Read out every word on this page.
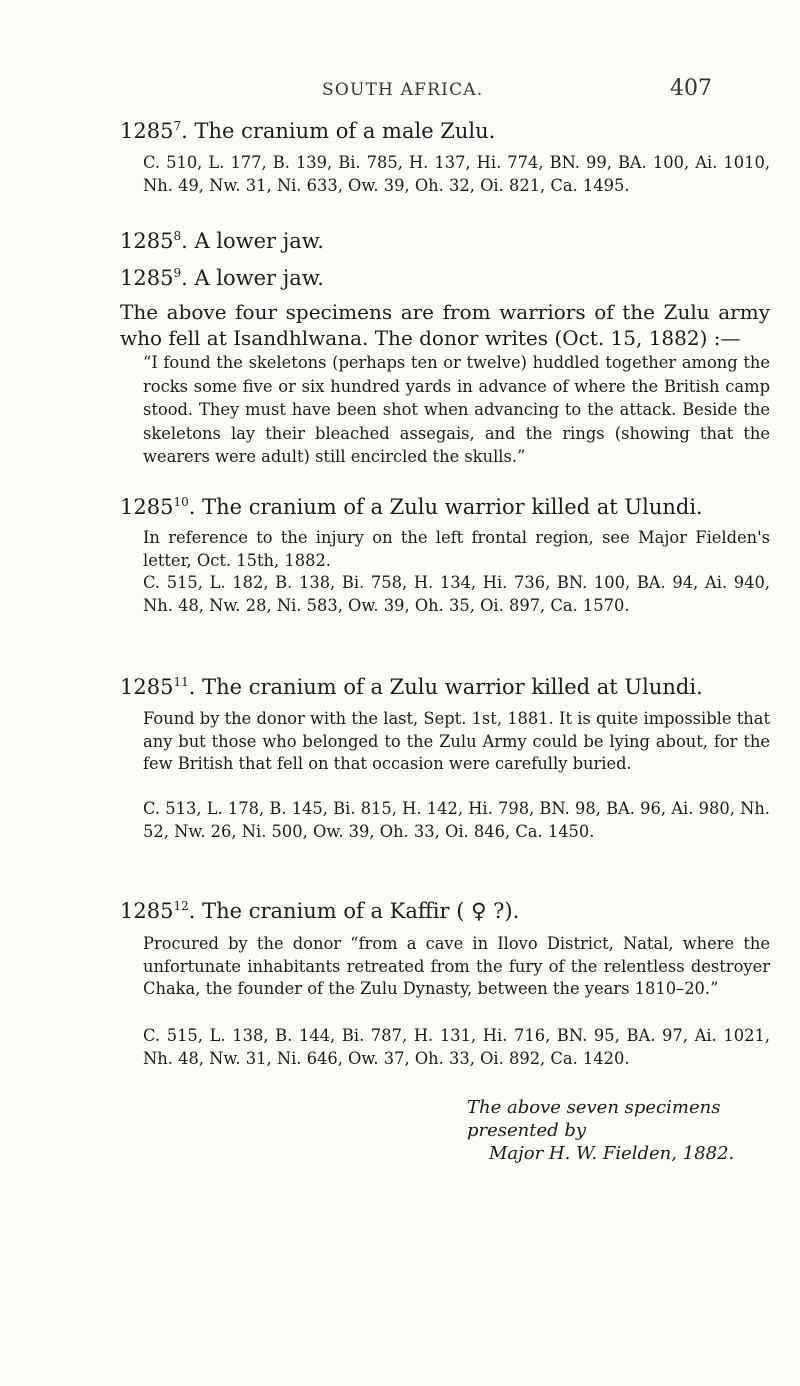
SOUTH AFRICA.	407
1285$^7$. The cranium of a male Zulu.
C. 510, L. 177, B. 139, Bi. 785, H. 137, Hi. 774, BN. 99, BA. 100, Ai. 1010, Nh. 49, Nw. 31, Ni. 633, Ow. 39, Oh. 32, Oi. 821, Ca. 1495.
1285$^8$. A lower jaw.
1285$^9$. A lower jaw.
The above four specimens are from warriors of the Zulu army who fell at Isandhlwana. The donor writes (Oct. 15, 1882) :—
“I found the skeletons (perhaps ten or twelve) huddled together among the rocks some five or six hundred yards in advance of where the British camp stood. They must have been shot when advancing to the attack. Beside the skeletons lay their bleached assegais, and the rings (showing that the wearers were adult) still encircled the skulls.”
1285$^{10}$. The cranium of a Zulu warrior killed at Ulundi.
In reference to the injury on the left frontal region, see Major Fielden's letter, Oct. 15th, 1882.
C. 515, L. 182, B. 138, Bi. 758, H. 134, Hi. 736, BN. 100, BA. 94, Ai. 940, Nh. 48, Nw. 28, Ni. 583, Ow. 39, Oh. 35, Oi. 897, Ca. 1570.
1285$^{11}$. The cranium of a Zulu warrior killed at Ulundi.
Found by the donor with the last, Sept. 1st, 1881. It is quite impossible that any but those who belonged to the Zulu Army could be lying about, for the few British that fell on that occasion were carefully buried.
C. 513, L. 178, B. 145, Bi. 815, H. 142, Hi. 798, BN. 98, BA. 96, Ai. 980, Nh. 52, Nw. 26, Ni. 500, Ow. 39, Oh. 33, Oi. 846, Ca. 1450.
1285$^{12}$. The cranium of a Kaffir ( ♀ ?).
Procured by the donor “from a cave in Ilovo District, Natal, where the unfortunate inhabitants retreated from the fury of the relentless destroyer Chaka, the founder of the Zulu Dynasty, between the years 1810–20.”
C. 515, L. 138, B. 144, Bi. 787, H. 131, Hi. 716, BN. 95, BA. 97, Ai. 1021, Nh. 48, Nw. 31, Ni. 646, Ow. 37, Oh. 33, Oi. 892, Ca. 1420.
The above seven specimens presented by
Major H. W. Fielden, 1882.
